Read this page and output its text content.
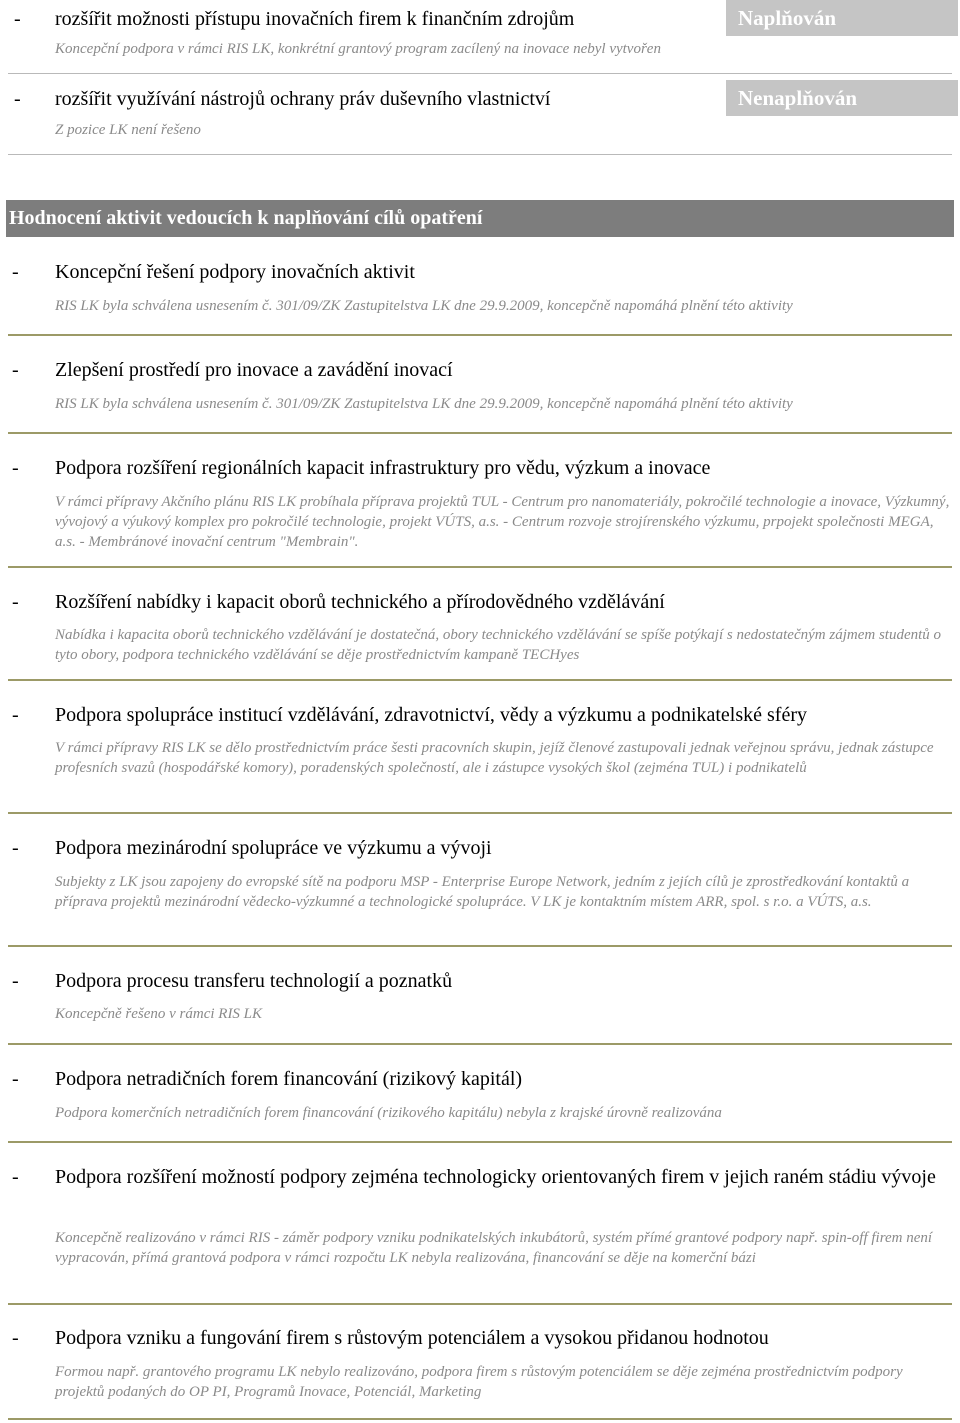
- rozšířit možnosti přístupu inovačních firem k finančním zdrojům
Koncepční podpora v rámci RIS LK, konkrétní grantový program zacílený na inovace nebyl vytvořen
Naplňován
- rozšířit využívání nástrojů ochrany práv duševního vlastnictví
Z pozice LK není řešeno
Nenaplňován
Hodnocení aktivit vedoucích k naplňování cílů opatření
- Koncepční řešení podpory inovačních aktivit
RIS LK byla schválena usnesením č. 301/09/ZK Zastupitelstva LK dne 29.9.2009, koncepčně napomáhá plnění této aktivity
- Zlepšení prostředí pro inovace a zavádění inovací
RIS LK byla schválena usnesením č. 301/09/ZK Zastupitelstva LK dne 29.9.2009, koncepčně napomáhá plnění této aktivity
- Podpora rozšíření regionálních kapacit infrastruktury pro vědu, výzkum a inovace
V rámci přípravy Akčního plánu RIS LK probíhala příprava projektů TUL - Centrum pro nanomateriály, pokročilé technologie a inovace, Výzkumný, vývojový a výukový komplex pro pokročilé technologie, projekt VÚTS, a.s. - Centrum rozvoje strojírenského výzkumu, prpojekt společnosti MEGA, a.s. - Membránové inovační centrum "Membrain".
- Rozšíření nabídky i kapacit oborů technického a přírodovědného vzdělávání
Nabídka i kapacita oborů technického vzdělávání je dostatečná, obory technického vzdělávání se spíše potýkají s nedostatečným zájmem studentů o tyto obory, podpora technického vzdělávání se děje prostřednictvím kampaně TECHyes
- Podpora spolupráce institucí vzdělávání, zdravotnictví, vědy a výzkumu a podnikatelské sféry
V rámci přípravy RIS LK se dělo prostřednictvím práce šesti pracovních skupin, jejíž členové zastupovali jednak veřejnou správu, jednak zástupce profesních svazů (hospodářské komory), poradenských společností, ale i zástupce vysokých škol (zejména TUL) i podnikatelů
- Podpora mezinárodní spolupráce ve výzkumu a vývoji
Subjekty z LK jsou zapojeny do evropské sítě na podporu MSP - Enterprise Europe Network, jedním z jejích cílů je zprostředkování kontaktů a příprava projektů mezinárodní vědecko-výzkumné a technologické spolupráce. V LK je kontaktním místem ARR, spol. s r.o. a VÚTS, a.s.
- Podpora procesu transferu technologií a poznatků
Koncepčně řešeno v rámci RIS LK
- Podpora netradičních forem financování (rizikový kapitál)
Podpora komerčních netradičních forem financování (rizikového kapitálu) nebyla z krajské úrovně realizována
- Podpora rozšíření možností podpory zejména technologicky orientovaných firem v jejich raném stádiu vývoje
Koncepčně realizováno v rámci RIS - záměr podpory vzniku podnikatelských inkubátorů, systém přímé grantové podpory např. spin-off firem není vypracován, přímá grantová podpora v rámci rozpočtu LK nebyla realizována, financování se děje na komerční bázi
- Podpora vzniku a fungování firem s růstovým potenciálem a vysokou přidanou hodnotou
Formou např. grantového programu LK nebylo realizováno, podpora firem s růstovým potenciálem se děje zejména prostřednictvím podpory projektů podaných do OP PI, Programů Inovace, Potenciál, Marketing
